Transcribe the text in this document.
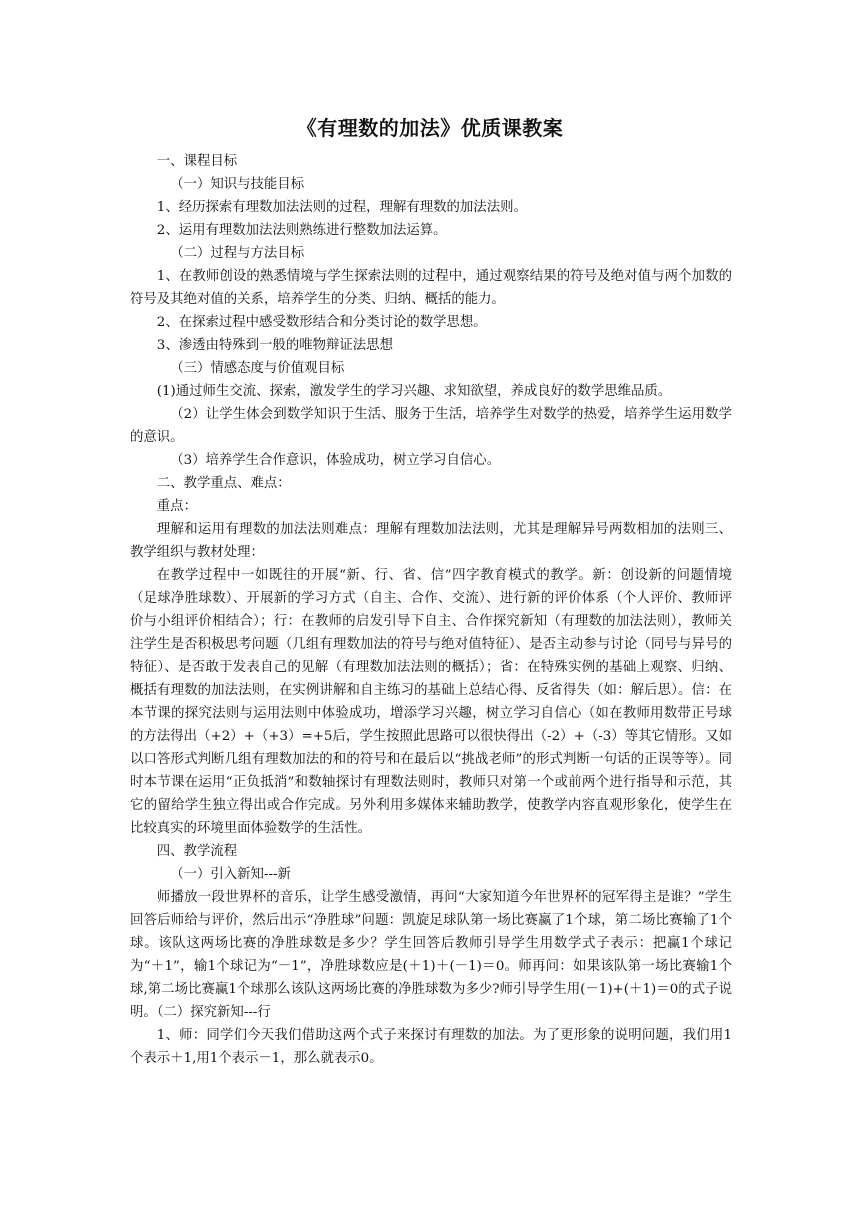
《有理数的加法》优质课教案

一、课程目标

（一）知识与技能目标

1、经历探索有理数加法法则的过程，理解有理数的加法法则。

2、运用有理数加法法则熟练进行整数加法运算。

（二）过程与方法目标

1、在教师创设的熟悉情境与学生探索法则的过程中，通过观察结果的符号及绝对值与两个加数的符号及其绝对值的关系，培养学生的分类、归纳、概括的能力。

2、在探索过程中感受数形结合和分类讨论的数学思想。

3、渗透由特殊到一般的唯物辩证法思想

（三）情感态度与价值观目标

(1)通过师生交流、探索，激发学生的学习兴趣、求知欲望，养成良好的数学思维品质。

（2）让学生体会到数学知识于生活、服务于生活，培养学生对数学的热爱，培养学生运用数学的意识。

（3）培养学生合作意识，体验成功，树立学习自信心。

二、教学重点、难点：

重点：

理解和运用有理数的加法法则难点：理解有理数加法法则，尤其是理解异号两数相加的法则三、教学组织与教材处理：

在教学过程中一如既往的开展“新、行、省、信”四字教育模式的教学。新：创设新的问题情境（足球净胜球数）、开展新的学习方式（自主、合作、交流）、进行新的评价体系（个人评价、教师评价与小组评价相结合）；行：在教师的启发引导下自主、合作探究新知（有理数的加法法则），教师关注学生是否积极思考问题（几组有理数加法的符号与绝对值特征）、是否主动参与讨论（同号与异号的特征）、是否敢于发表自己的见解（有理数加法法则的概括）；省：在特殊实例的基础上观察、归纳、概括有理数的加法法则，在实例讲解和自主练习的基础上总结心得、反省得失（如：解后思）。信：在本节课的探究法则与运用法则中体验成功，增添学习兴趣，树立学习自信心（如在教师用数带正号球的方法得出（+2）+（+3）=+5后，学生按照此思路可以很快得出（-2）+（-3）等其它情形。又如以口答形式判断几组有理数加法的和的符号和在最后以“挑战老师”的形式判断一句话的正误等等）。同时本节课在运用“正负抵消”和数轴探讨有理数法则时，教师只对第一个或前两个进行指导和示范，其它的留给学生独立得出或合作完成。另外利用多媒体来辅助教学，使教学内容直观形象化，使学生在比较真实的环境里面体验数学的生活性。

四、教学流程

（一）引入新知---新

师播放一段世界杯的音乐，让学生感受激情，再问“大家知道今年世界杯的冠军得主是谁？”学生回答后师给与评价，然后出示“净胜球”问题：凯旋足球队第一场比赛赢了1个球，第二场比赛输了1个球。该队这两场比赛的净胜球数是多少？学生回答后教师引导学生用数学式子表示：把赢1个球记为“＋1”，输1个球记为“－1”，净胜球数应是(＋1)＋(－1)＝0。师再问：如果该队第一场比赛输1个球,第二场比赛赢1个球那么该队这两场比赛的净胜球数为多少?师引导学生用(－1)+(＋1)＝0的式子说明。（二）探究新知---行

1、师：同学们今天我们借助这两个式子来探讨有理数的加法。为了更形象的说明问题，我们用1个表示＋1,用1个表示－1，那么就表示0。
